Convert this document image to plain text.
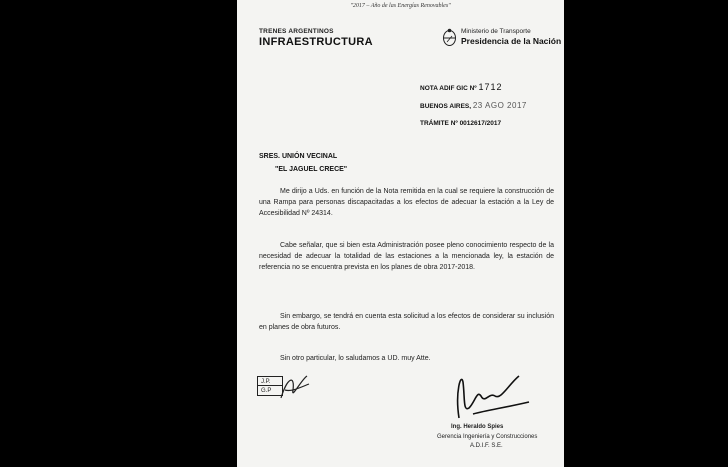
"2017 – Año de las Energías Renovables"
TRENES ARGENTINOS
INFRAESTRUCTURA
Ministerio de Transporte
Presidencia de la Nación
NOTA ADIF GIC Nº 1712
BUENOS AIRES, 23 AGO 2017
TRÁMITE Nº 0012617/2017
SRES. UNIÓN VECINAL
"EL JAGUEL CRECE"
Me dirijo a Uds. en función de la Nota remitida en la cual se requiere la construcción de una Rampa para personas discapacitadas a los efectos de adecuar la estación a la Ley de Accesibilidad Nº 24314.
Cabe señalar, que si bien esta Administración posee pleno conocimiento respecto de la necesidad de adecuar la totalidad de las estaciones a la mencionada ley, la estación de referencia no se encuentra prevista en los planes de obra 2017-2018.
Sin embargo, se tendrá en cuenta esta solicitud a los efectos de considerar su inclusión en planes de obra futuros.
Sin otro particular, lo saludamos a UD. muy Atte.
J.P.
G.P
Ing. Heraldo Spies
Gerencia Ingeniería y Construcciones
A.D.I.F. S.E.
